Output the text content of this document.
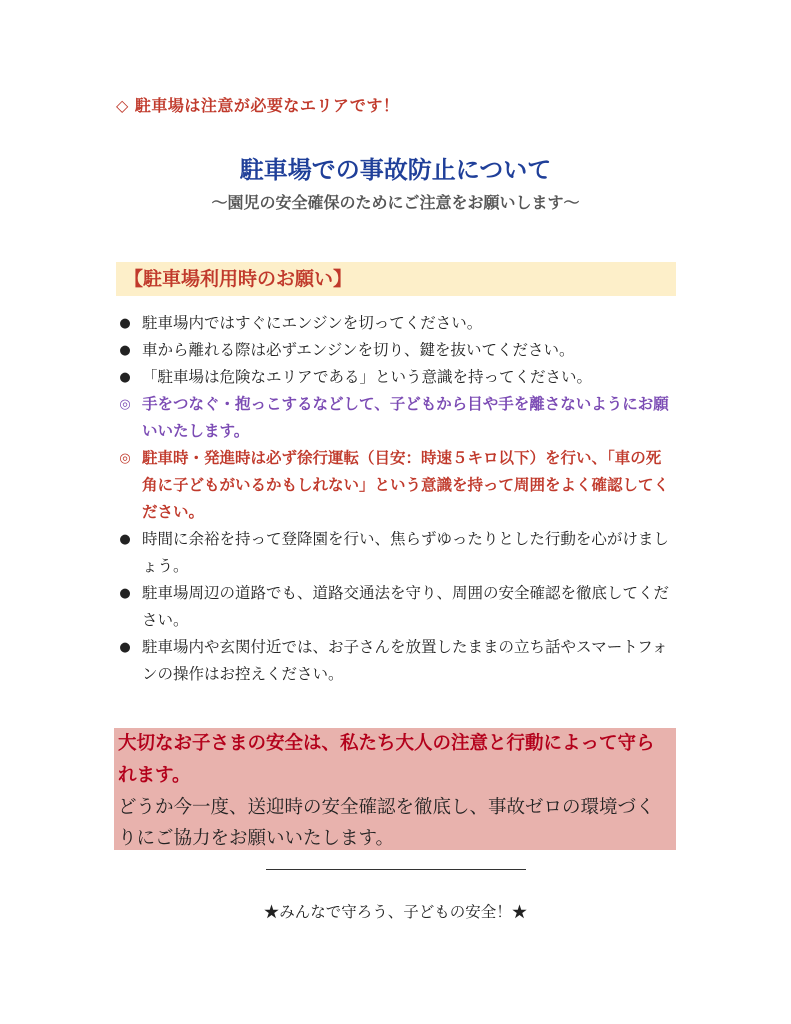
◇ 駐車場は注意が必要なエリアです！
駐車場での事故防止について
〜園児の安全確保のためにご注意をお願いします〜
【駐車場利用時のお願い】
● 駐車場内ではすぐにエンジンを切ってください。
● 車から離れる際は必ずエンジンを切り、鍵を抜いてください。
● 「駐車場は危険なエリアである」という意識を持ってください。
◎ 手をつなぐ・抱っこするなどして、子どもから目や手を離さないようにお願いいたします。
◎ 駐車時・発進時は必ず徐行運転（目安：時速５キロ以下）を行い、「車の死角に子どもがいるかもしれない」という意識を持って周囲をよく確認してください。
● 時間に余裕を持って登降園を行い、焦らずゆったりとした行動を心がけましょう。
● 駐車場周辺の道路でも、道路交通法を守り、周囲の安全確認を徹底してください。
● 駐車場内や玄関付近では、お子さんを放置したままの立ち話やスマートフォンの操作はお控えください。
大切なお子さまの安全は、私たち大人の注意と行動によって守られます。
どうか今一度、送迎時の安全確認を徹底し、事故ゼロの環境づくりにご協力をお願いいたします。
★みんなで守ろう、子どもの安全！★
